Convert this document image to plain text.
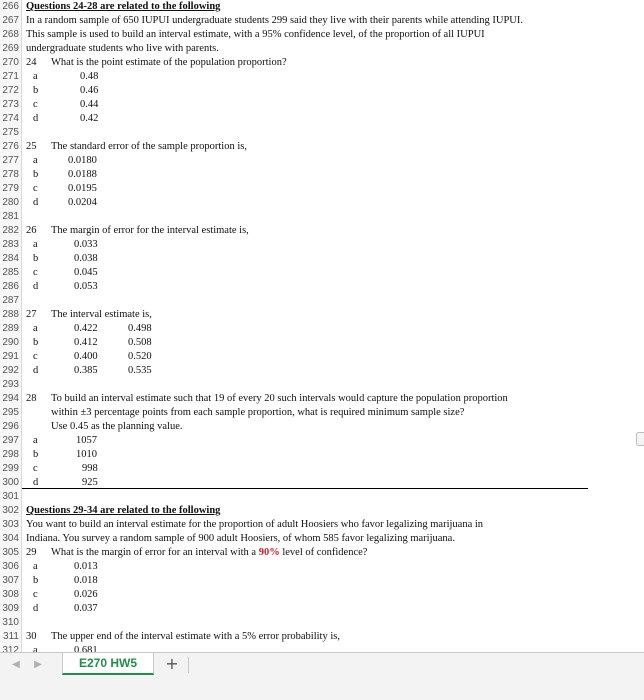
266 Questions 24-28 are related to the following
267 In a random sample of 650 IUPUI undergraduate students 299 said they live with their parents while attending IUPUI.
268 This sample is used to build an interval estimate, with a 95% confidence level, of the proportion of all IUPUI
269 undergraduate students who live with parents.
270 24 What is the point estimate of the population proportion?
271 a	0.48
272 b	0.46
273 c	0.44
274 d	0.42
275
276 25 The standard error of the sample proportion is,
277 a	0.0180
278 b	0.0188
279 c	0.0195
280 d	0.0204
281
282 26 The margin of error for the interval estimate is,
283 a	0.033
284 b	0.038
285 c	0.045
286 d	0.053
287
288 27 The interval estimate is,
289 a	0.422	0.498
290 b	0.412	0.508
291 c	0.400	0.520
292 d	0.385	0.535
293
294 28 To build an interval estimate such that 19 of every 20 such intervals would capture the population proportion
295	within ±3 percentage points from each sample proportion, what is required minimum sample size?
296	Use 0.45 as the planning value.
297 a	1057
298 b	1010
299 c	998
300 d	925
301
302 Questions 29-34 are related to the following
303 You want to build an interval estimate for the proportion of adult Hoosiers who favor legalizing marijuana in
304 Indiana. You survey a random sample of 900 adult Hoosiers, of whom 585 favor legalizing marijuana.
305 29 What is the margin of error for an interval with a 90% level of confidence?
306 a	0.013
307 b	0.018
308 c	0.026
309 d	0.037
310
311 30 The upper end of the interval estimate with a 5% error probability is,
312 a	0.681
◀	▶	E270 HW5	+
